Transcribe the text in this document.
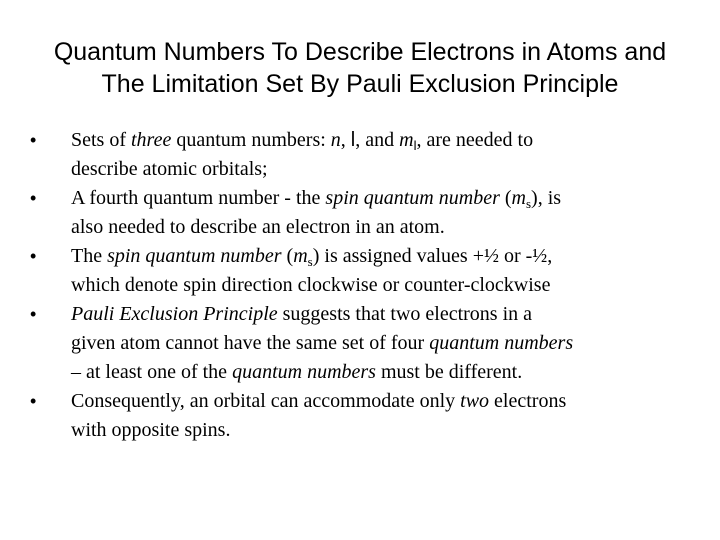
Quantum Numbers To Describe Electrons in Atoms and
The Limitation Set By Pauli Exclusion Principle
•	Sets of three quantum numbers: n, l, and $m_l$, are needed to
describe atomic orbitals;
•	A fourth quantum number - the spin quantum number $(m_s)$, is
also needed to describe an electron in an atom.
•	The spin quantum number $(m_s)$ is assigned values +½ or -½,
which denote spin direction clockwise or counter-clockwise
•	Pauli Exclusion Principle suggests that two electrons in a
given atom cannot have the same set of four quantum numbers
– at least one of the quantum numbers must be different.
•	Consequently, an orbital can accommodate only two electrons
with opposite spins.
